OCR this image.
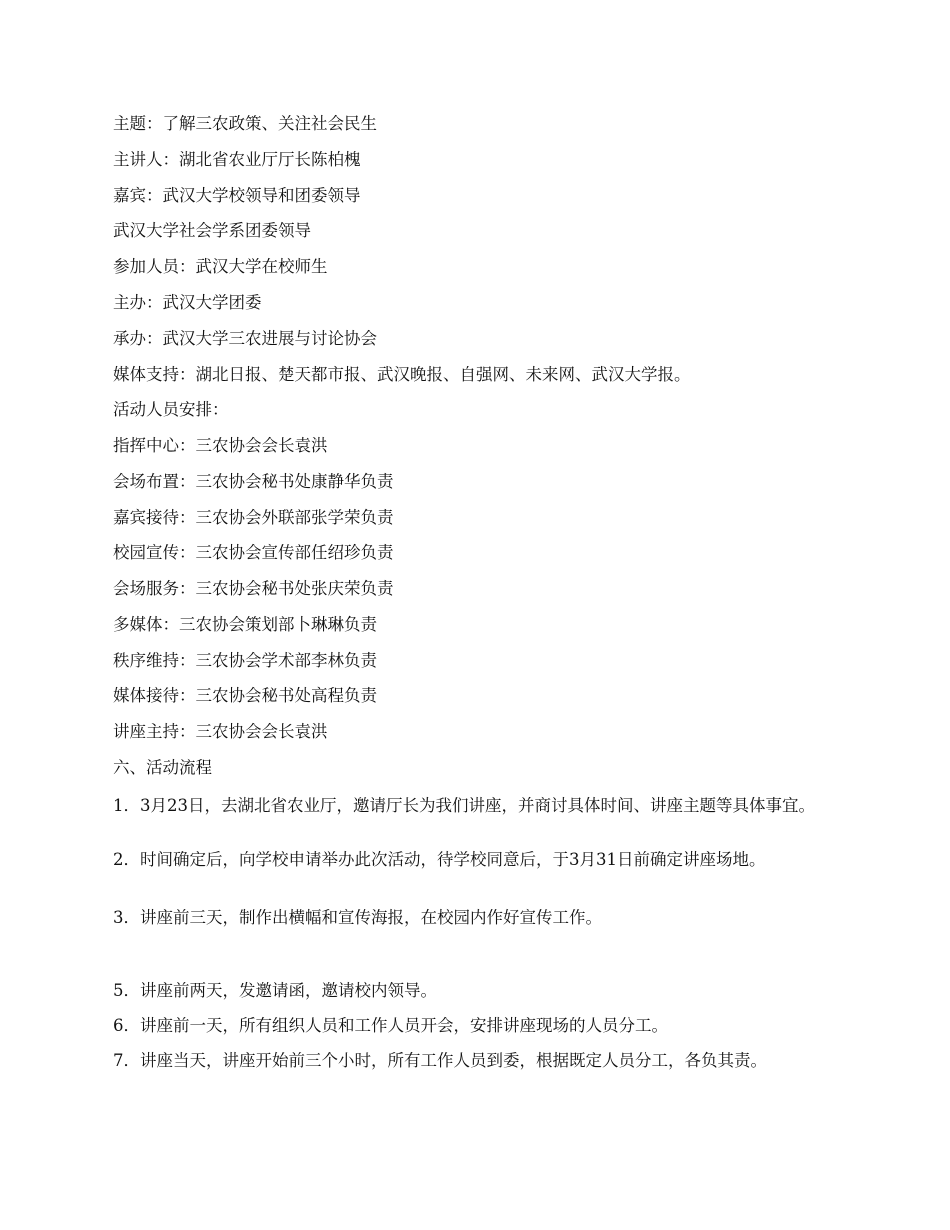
主题：了解三农政策、关注社会民生

主讲人：湖北省农业厅厅长陈柏槐

嘉宾：武汉大学校领导和团委领导

武汉大学社会学系团委领导

参加人员：武汉大学在校师生

主办：武汉大学团委

承办：武汉大学三农进展与讨论协会

媒体支持：湖北日报、楚天都市报、武汉晚报、自强网、未来网、武汉大学报。

活动人员安排：

指挥中心：三农协会会长袁洪

会场布置：三农协会秘书处康静华负责

嘉宾接待：三农协会外联部张学荣负责

校园宣传：三农协会宣传部任绍珍负责

会场服务：三农协会秘书处张庆荣负责

多媒体：三农协会策划部卜琳琳负责

秩序维持：三农协会学术部李林负责

媒体接待：三农协会秘书处高程负责

讲座主持：三农协会会长袁洪

六、活动流程

1．3月23日，去湖北省农业厅，邀请厅长为我们讲座，并商讨具体时间、讲座主题等具体事宜。

2．时间确定后，向学校申请举办此次活动，待学校同意后，于3月31日前确定讲座场地。

3．讲座前三天，制作出横幅和宣传海报，在校园内作好宣传工作。

5．讲座前两天，发邀请函，邀请校内领导。

6．讲座前一天，所有组织人员和工作人员开会，安排讲座现场的人员分工。

7．讲座当天，讲座开始前三个小时，所有工作人员到委，根据既定人员分工，各负其责。
